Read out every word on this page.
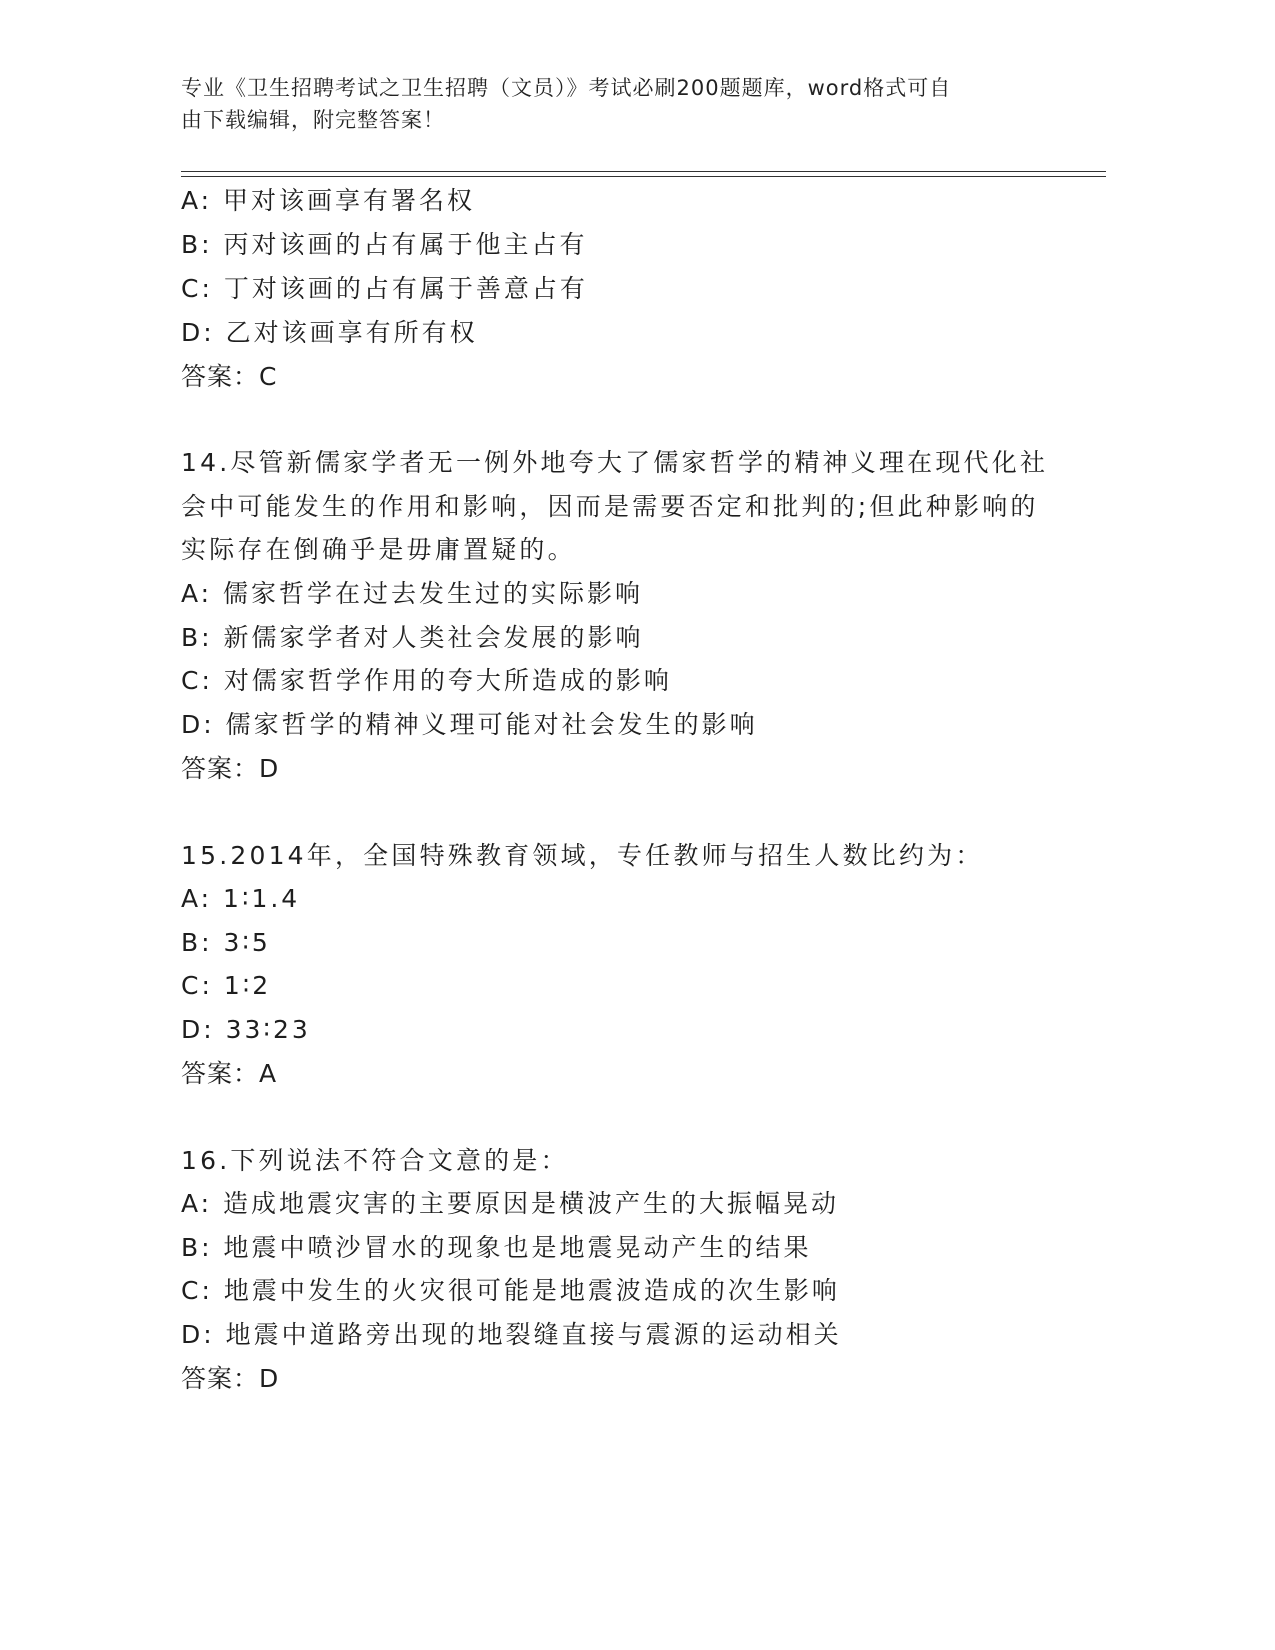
专业《卫生招聘考试之卫生招聘（文员）》考试必刷200题题库，word格式可自
由下载编辑，附完整答案！
A: 甲对该画享有署名权
B: 丙对该画的占有属于他主占有
C: 丁对该画的占有属于善意占有
D: 乙对该画享有所有权
答案：C
14.尽管新儒家学者无一例外地夸大了儒家哲学的精神义理在现代化社
会中可能发生的作用和影响，因而是需要否定和批判的;但此种影响的
实际存在倒确乎是毋庸置疑的。
A: 儒家哲学在过去发生过的实际影响
B: 新儒家学者对人类社会发展的影响
C: 对儒家哲学作用的夸大所造成的影响
D: 儒家哲学的精神义理可能对社会发生的影响
答案：D
15.2014年，全国特殊教育领域，专任教师与招生人数比约为：
A: 1∶1.4
B: 3∶5
C: 1∶2
D: 33∶23
答案：A
16.下列说法不符合文意的是：
A: 造成地震灾害的主要原因是横波产生的大振幅晃动
B: 地震中喷沙冒水的现象也是地震晃动产生的结果
C: 地震中发生的火灾很可能是地震波造成的次生影响
D: 地震中道路旁出现的地裂缝直接与震源的运动相关
答案：D
